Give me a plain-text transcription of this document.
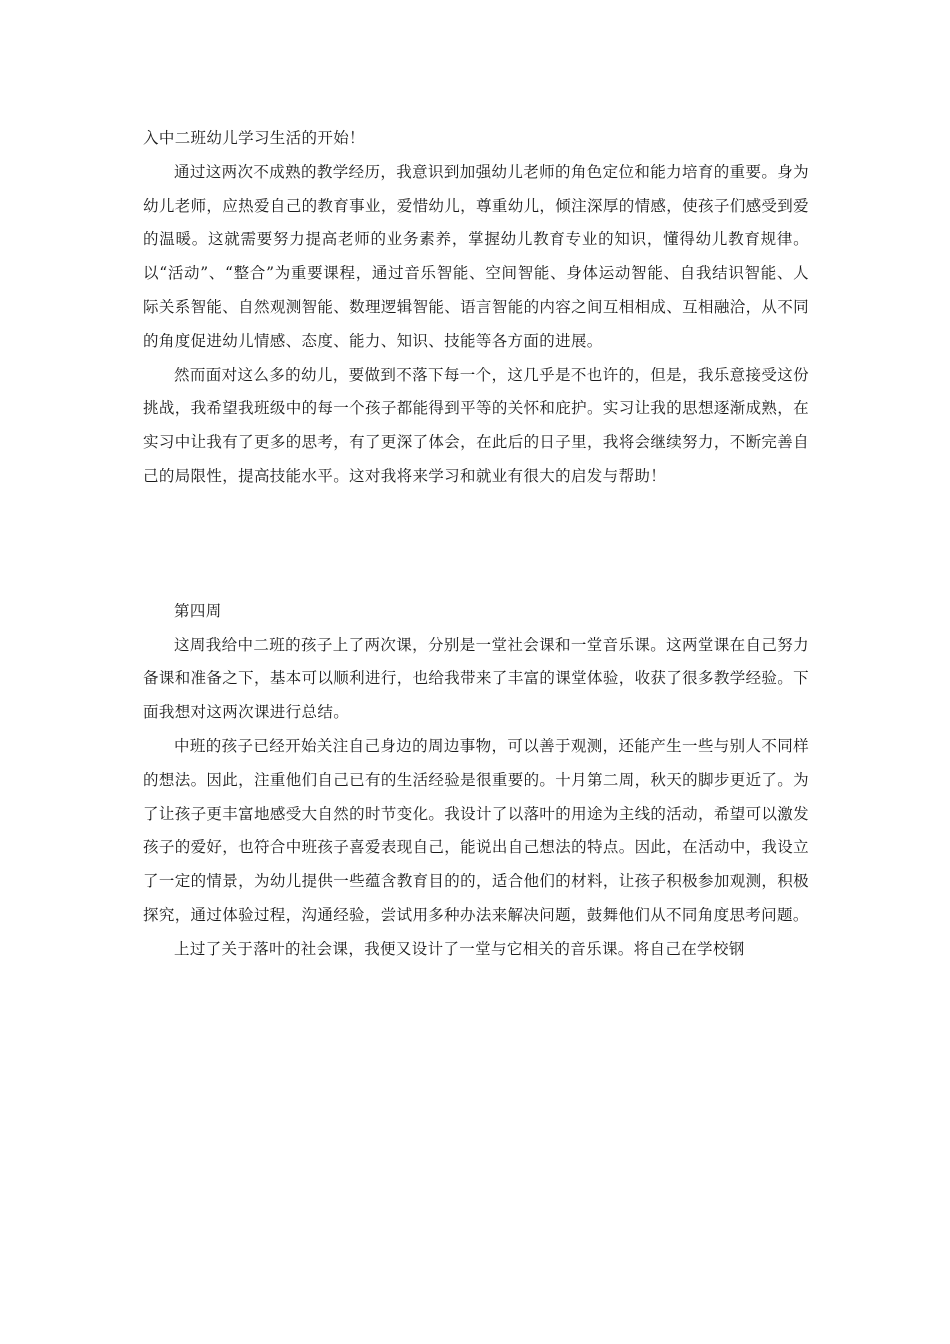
入中二班幼儿学习生活的开始！

通过这两次不成熟的教学经历，我意识到加强幼儿老师的角色定位和能力培育的重要。身为幼儿老师，应热爱自己的教育事业，爱惜幼儿，尊重幼儿，倾注深厚的情感，使孩子们感受到爱的温暖。这就需要努力提高老师的业务素养，掌握幼儿教育专业的知识，懂得幼儿教育规律。以“活动”、“整合”为重要课程，通过音乐智能、空间智能、身体运动智能、自我结识智能、人际关系智能、自然观测智能、数理逻辑智能、语言智能的内容之间互相相成、互相融洽，从不同的角度促进幼儿情感、态度、能力、知识、技能等各方面的进展。

然而面对这么多的幼儿，要做到不落下每一个，这几乎是不也许的，但是，我乐意接受这份挑战，我希望我班级中的每一个孩子都能得到平等的关怀和庇护。实习让我的思想逐渐成熟，在实习中让我有了更多的思考，有了更深了体会，在此后的日子里，我将会继续努力，不断完善自己的局限性，提高技能水平。这对我将来学习和就业有很大的启发与帮助！

第四周

这周我给中二班的孩子上了两次课，分别是一堂社会课和一堂音乐课。这两堂课在自己努力备课和准备之下，基本可以顺利进行，也给我带来了丰富的课堂体验，收获了很多教学经验。下面我想对这两次课进行总结。

中班的孩子已经开始关注自己身边的周边事物，可以善于观测，还能产生一些与别人不同样的想法。因此，注重他们自己已有的生活经验是很重要的。十月第二周，秋天的脚步更近了。为了让孩子更丰富地感受大自然的时节变化。我设计了以落叶的用途为主线的活动，希望可以激发孩子的爱好，也符合中班孩子喜爱表现自己，能说出自己想法的特点。因此，在活动中，我设立了一定的情景，为幼儿提供一些蕴含教育目的的，适合他们的材料，让孩子积极参加观测，积极探究，通过体验过程，沟通经验，尝试用多种办法来解决问题，鼓舞他们从不同角度思考问题。

上过了关于落叶的社会课，我便又设计了一堂与它相关的音乐课。将自己在学校钢
